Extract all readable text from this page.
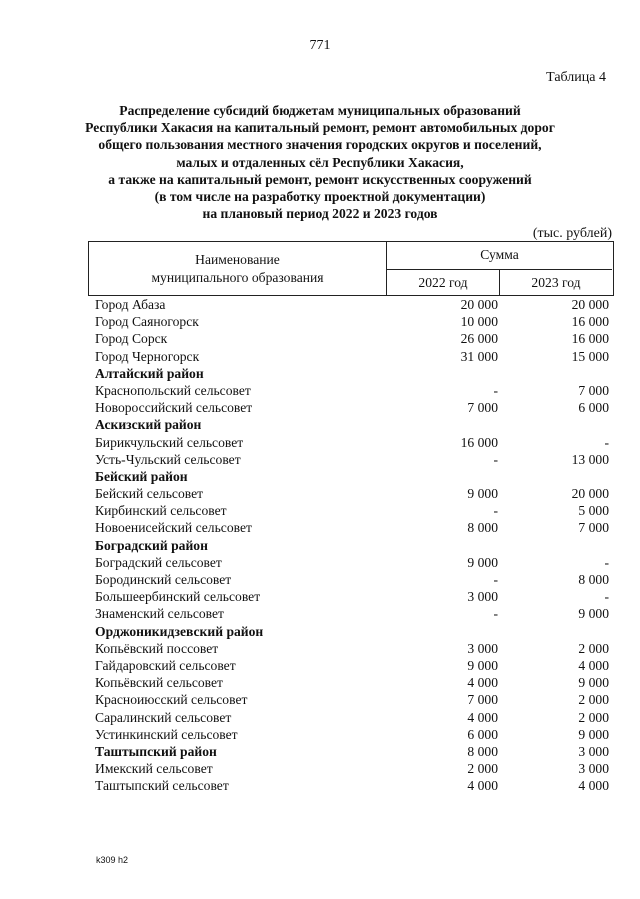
771
Таблица 4
Распределение субсидий бюджетам муниципальных образований
Республики Хакасия на капитальный ремонт, ремонт автомобильных дорог
общего пользования местного значения городских округов и поселений,
малых и отдаленных сёл Республики Хакасия,
а также на капитальный ремонт, ремонт искусственных сооружений
(в том числе на разработку проектной документации)
на плановый период 2022 и 2023 годов
(тыс. рублей)
Наименование
муниципального образования
Сумма
2022 год	2023 год
Город Абаза	20 000	20 000
Город Саяногорск	10 000	16 000
Город Сорск	26 000	16 000
Город Черногорск	31 000	15 000
Алтайский район
Краснопольский сельсовет	-	7 000
Новороссийский сельсовет	7 000	6 000
Аскизский район
Бирикчульский сельсовет	16 000	-
Усть-Чульский сельсовет	-	13 000
Бейский район
Бейский сельсовет	9 000	20 000
Кирбинский сельсовет	-	5 000
Новоенисейский сельсовет	8 000	7 000
Боградский район
Боградский сельсовет	9 000	-
Бородинский сельсовет	-	8 000
Большеербинский сельсовет	3 000	-
Знаменский сельсовет	-	9 000
Орджоникидзевский район
Копьёвский поссовет	3 000	2 000
Гайдаровский сельсовет	9 000	4 000
Копьёвский сельсовет	4 000	9 000
Красноиюсский сельсовет	7 000	2 000
Саралинский сельсовет	4 000	2 000
Устинкинский сельсовет	6 000	9 000
Таштыпский район	8 000	3 000
Имекский сельсовет	2 000	3 000
Таштыпский сельсовет	4 000	4 000
k309 h2
